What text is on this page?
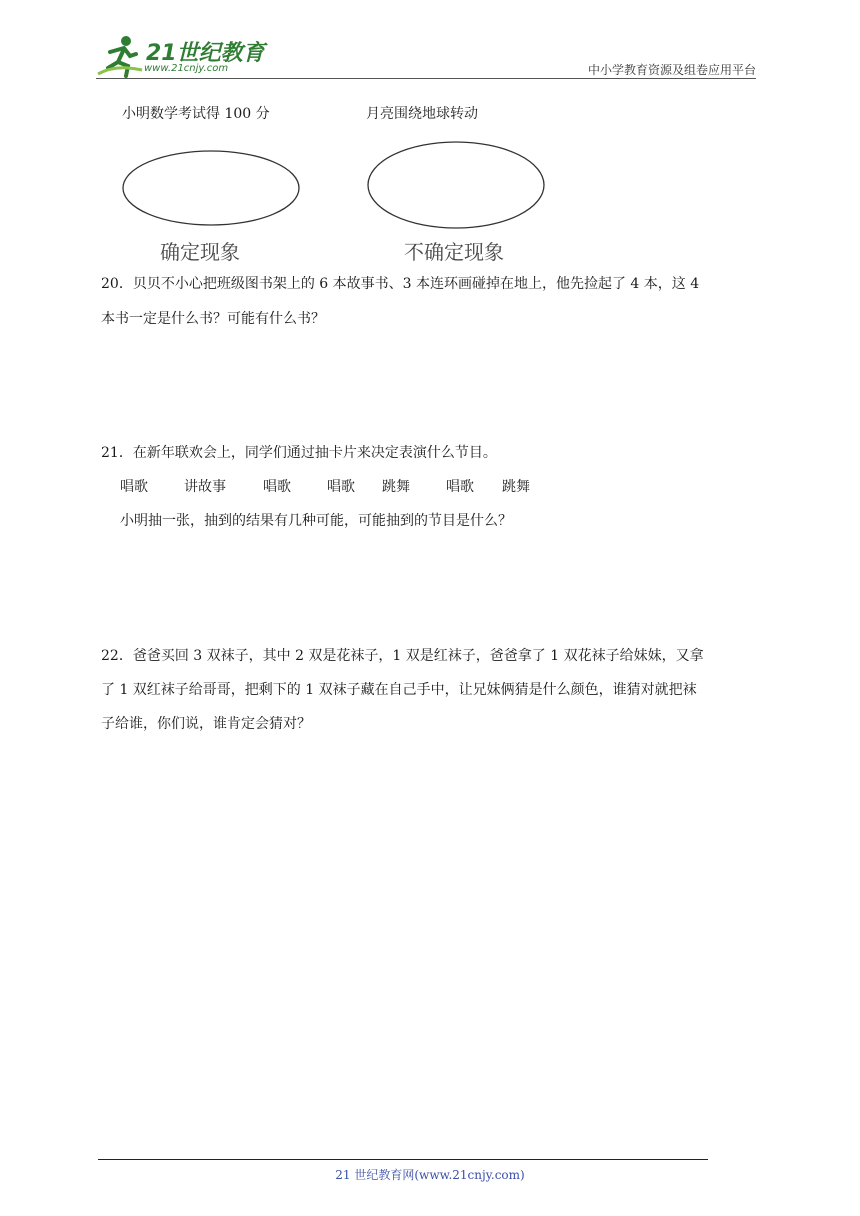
21世纪教育
www.21cnjy.com	中小学教育资源及组卷应用平台
小明数学考试得 100 分	月亮围绕地球转动
确定现象	不确定现象
20．贝贝不小心把班级图书架上的 6 本故事书、3 本连环画碰掉在地上，他先捡起了 4 本，这 4
本书一定是什么书？可能有什么书？
21．在新年联欢会上，同学们通过抽卡片来决定表演什么节目。
唱歌	讲故事	唱歌	唱歌 跳舞	唱歌 跳舞
小明抽一张，抽到的结果有几种可能，可能抽到的节目是什么？
22．爸爸买回 3 双袜子，其中 2 双是花袜子，1 双是红袜子，爸爸拿了 1 双花袜子给妹妹，又拿
了 1 双红袜子给哥哥，把剩下的 1 双袜子藏在自己手中，让兄妹俩猜是什么颜色，谁猜对就把袜
子给谁，你们说，谁肯定会猜对？
21 世纪教育网(www.21cnjy.com)
